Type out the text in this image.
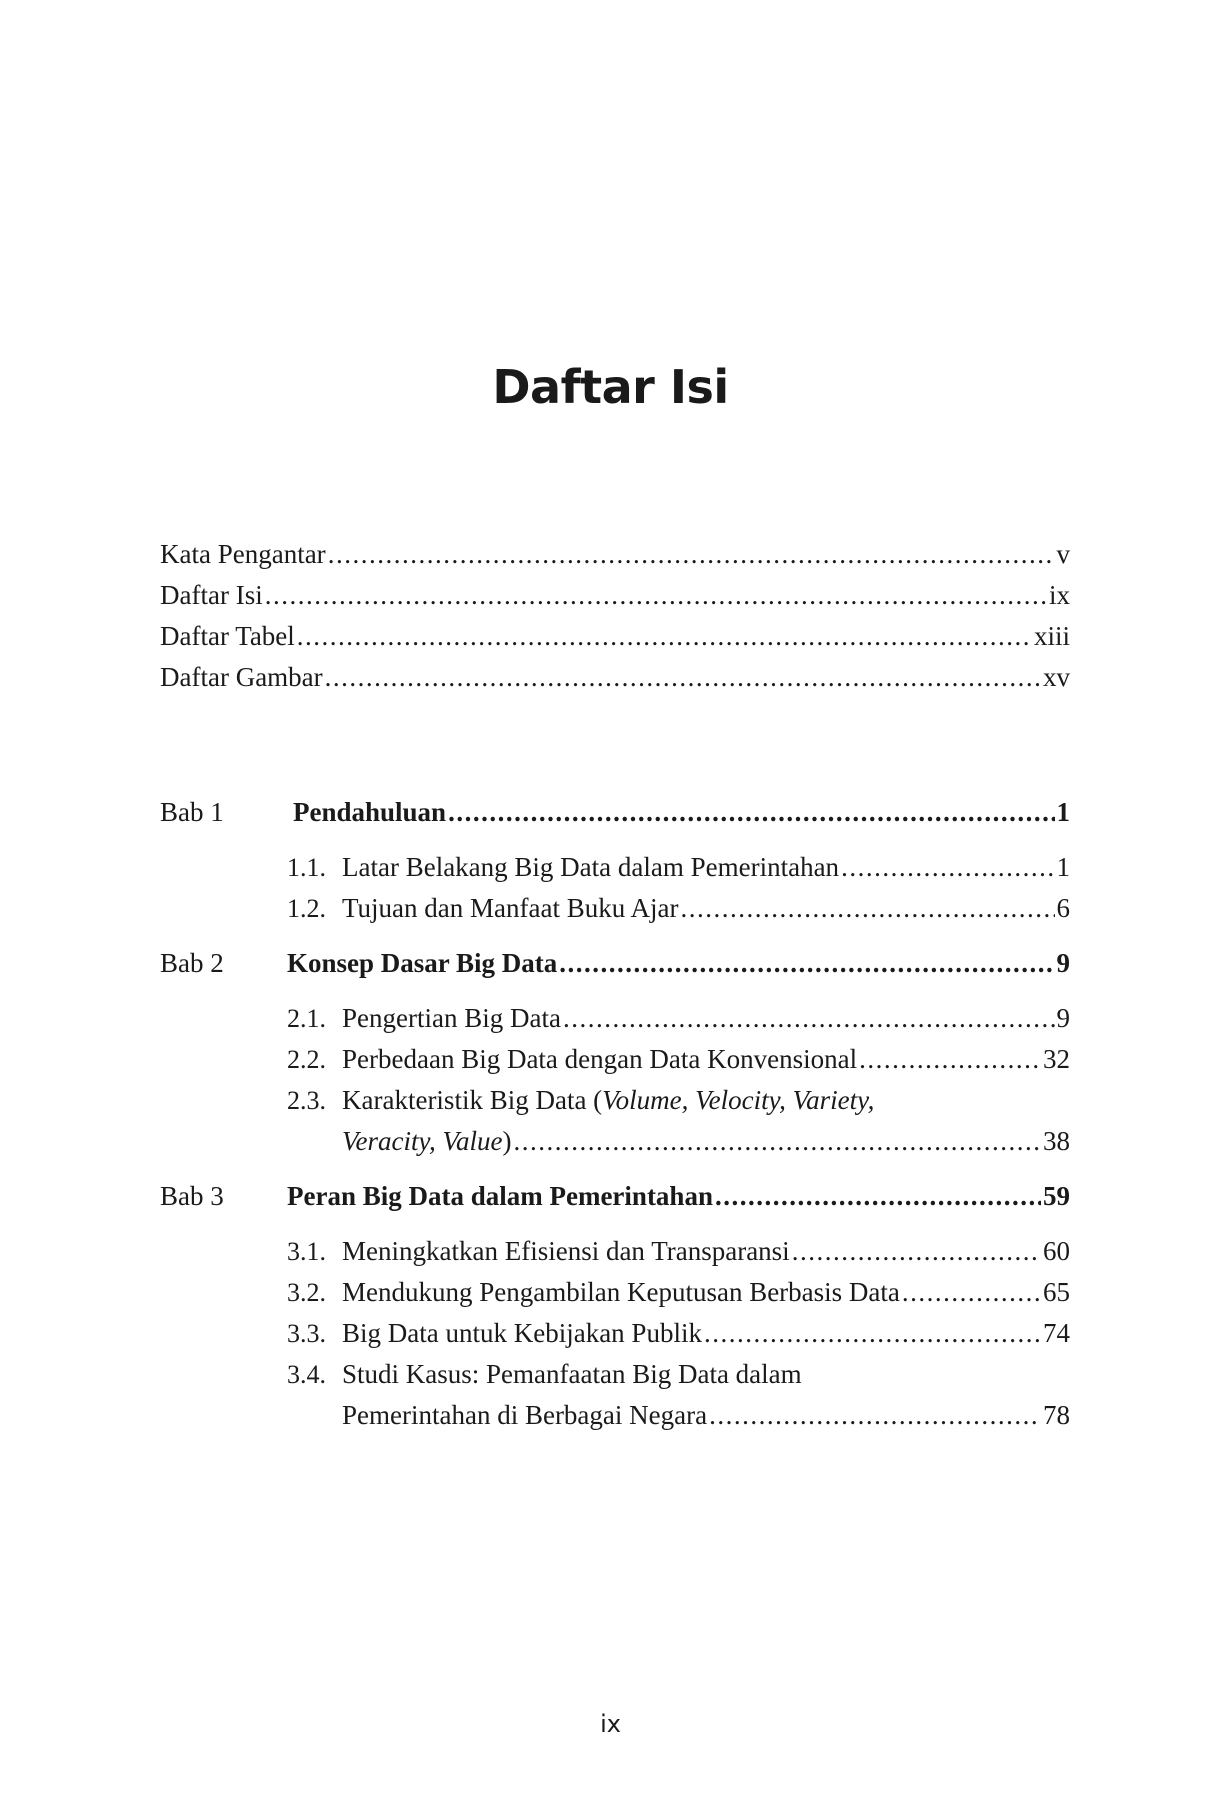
Daftar Isi
Kata Pengantar .....	v
Daftar Isi .....	ix
Daftar Tabel .....	xiii
Daftar Gambar .....	xv
Bab 1	Pendahuluan .....	1
1.1. Latar Belakang Big Data dalam Pemerintahan .....	1
1.2. Tujuan dan Manfaat Buku Ajar .....	6
Bab 2	Konsep Dasar Big Data .....	9
2.1. Pengertian Big Data .....	9
2.2. Perbedaan Big Data dengan Data Konvensional .....	32
2.3. Karakteristik Big Data (Volume, Velocity, Variety,
Veracity, Value) .....	38
Bab 3	Peran Big Data dalam Pemerintahan .....	59
3.1. Meningkatkan Efisiensi dan Transparansi .....	60
3.2. Mendukung Pengambilan Keputusan Berbasis Data .....	65
3.3. Big Data untuk Kebijakan Publik .....	74
3.4. Studi Kasus: Pemanfaatan Big Data dalam
Pemerintahan di Berbagai Negara .....	78
ix
